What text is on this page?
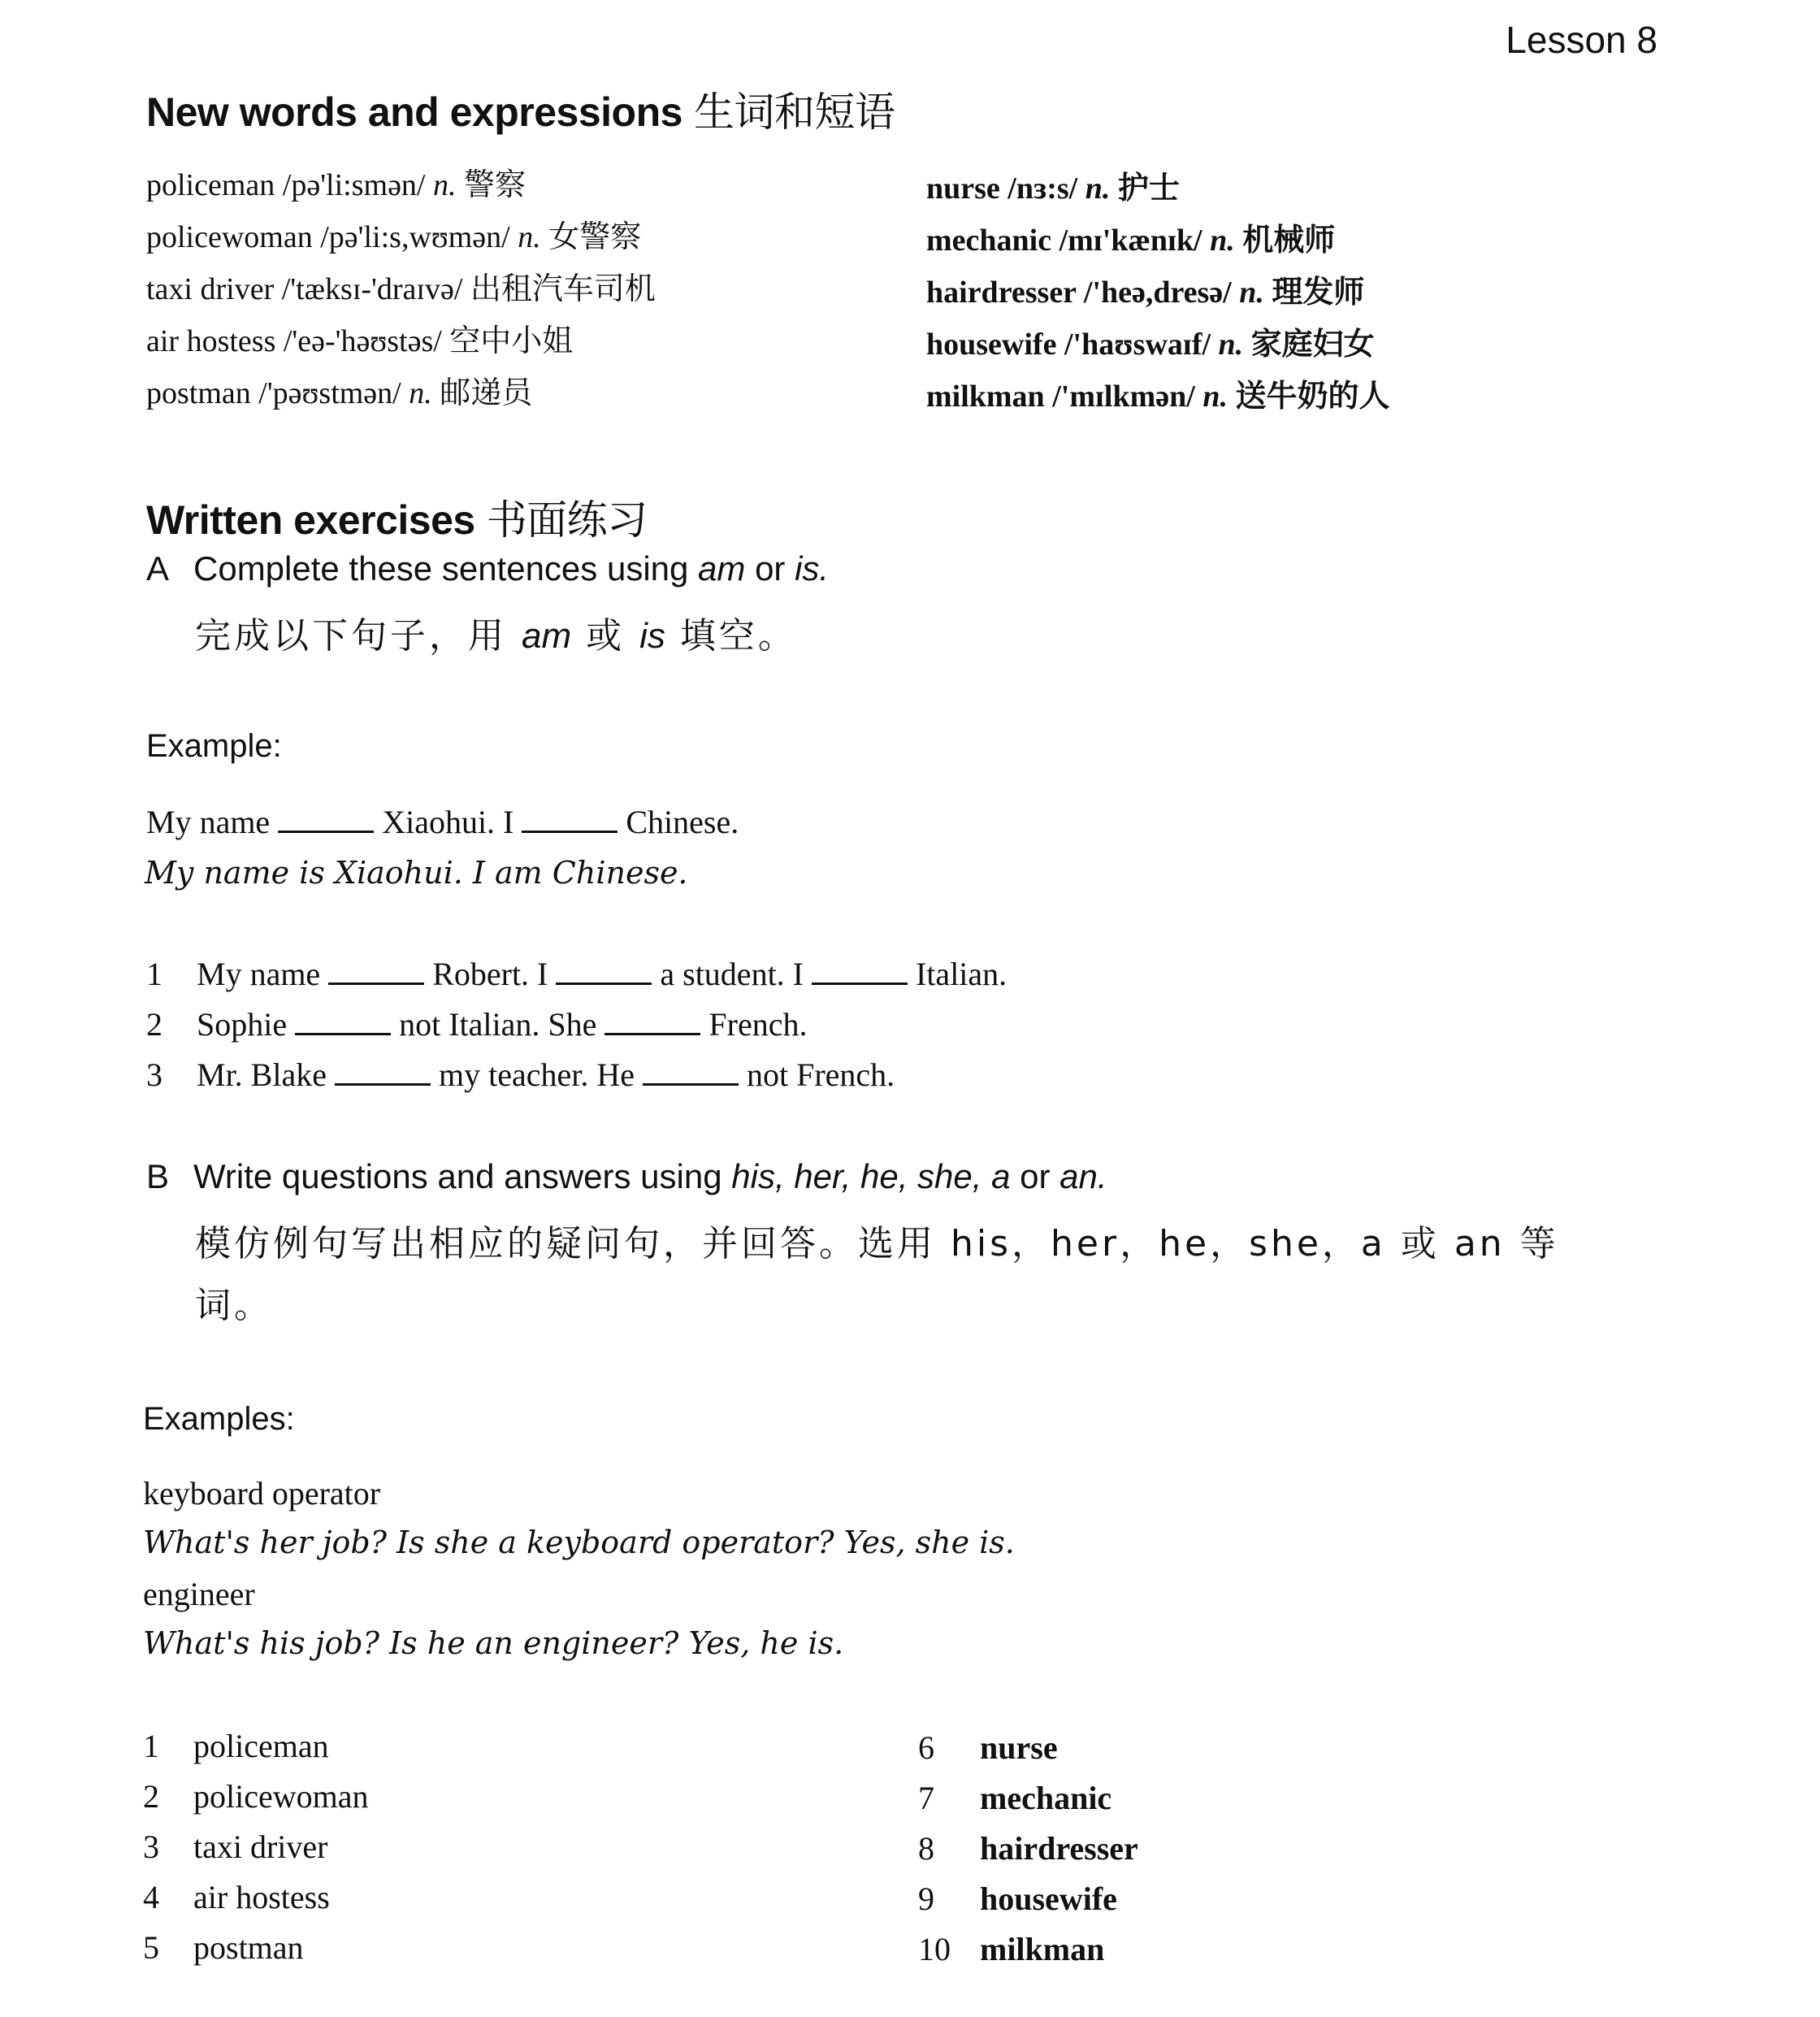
Lesson 8
New words and expressions 生词和短语
policeman /pə'li:smən/ n. 警察
policewoman /pə'li:s,wʊmən/ n. 女警察
taxi driver /'tæksɪ-'draɪvə/ 出租汽车司机
air hostess /'eə-'həʊstəs/ 空中小姐
postman /'pəʊstmən/ n. 邮递员
nurse /nɜ:s/ n. 护士
mechanic /mɪ'kænɪk/ n. 机械师
hairdresser /'heə,dresə/ n. 理发师
housewife /'haʊswaɪf/ n. 家庭妇女
milkman /'mɪlkmən/ n. 送牛奶的人
Written exercises 书面练习
A Complete these sentences using am or is.
完成以下句子，用 am 或 is 填空。
Example:
My name	Xiaohui. I	Chinese.
My name is Xiaohui. I am Chinese.
1 My name	Robert. I	a student. I	Italian.
2 Sophie	not Italian. She	French.
3 Mr. Blake	my teacher. He	not French.
B Write questions and answers using his, her, he, she, a or an.
模仿例句写出相应的疑问句，并回答。选用 his，her，he，she，a 或 an 等
词。
Examples:
keyboard operator
What's her job? Is she a keyboard operator? Yes, she is.
engineer
What's his job? Is he an engineer? Yes, he is.
1 policeman
2 policewoman
3 taxi driver
4 air hostess
5 postman
6 nurse
7 mechanic
8 hairdresser
9 housewife
10 milkman
